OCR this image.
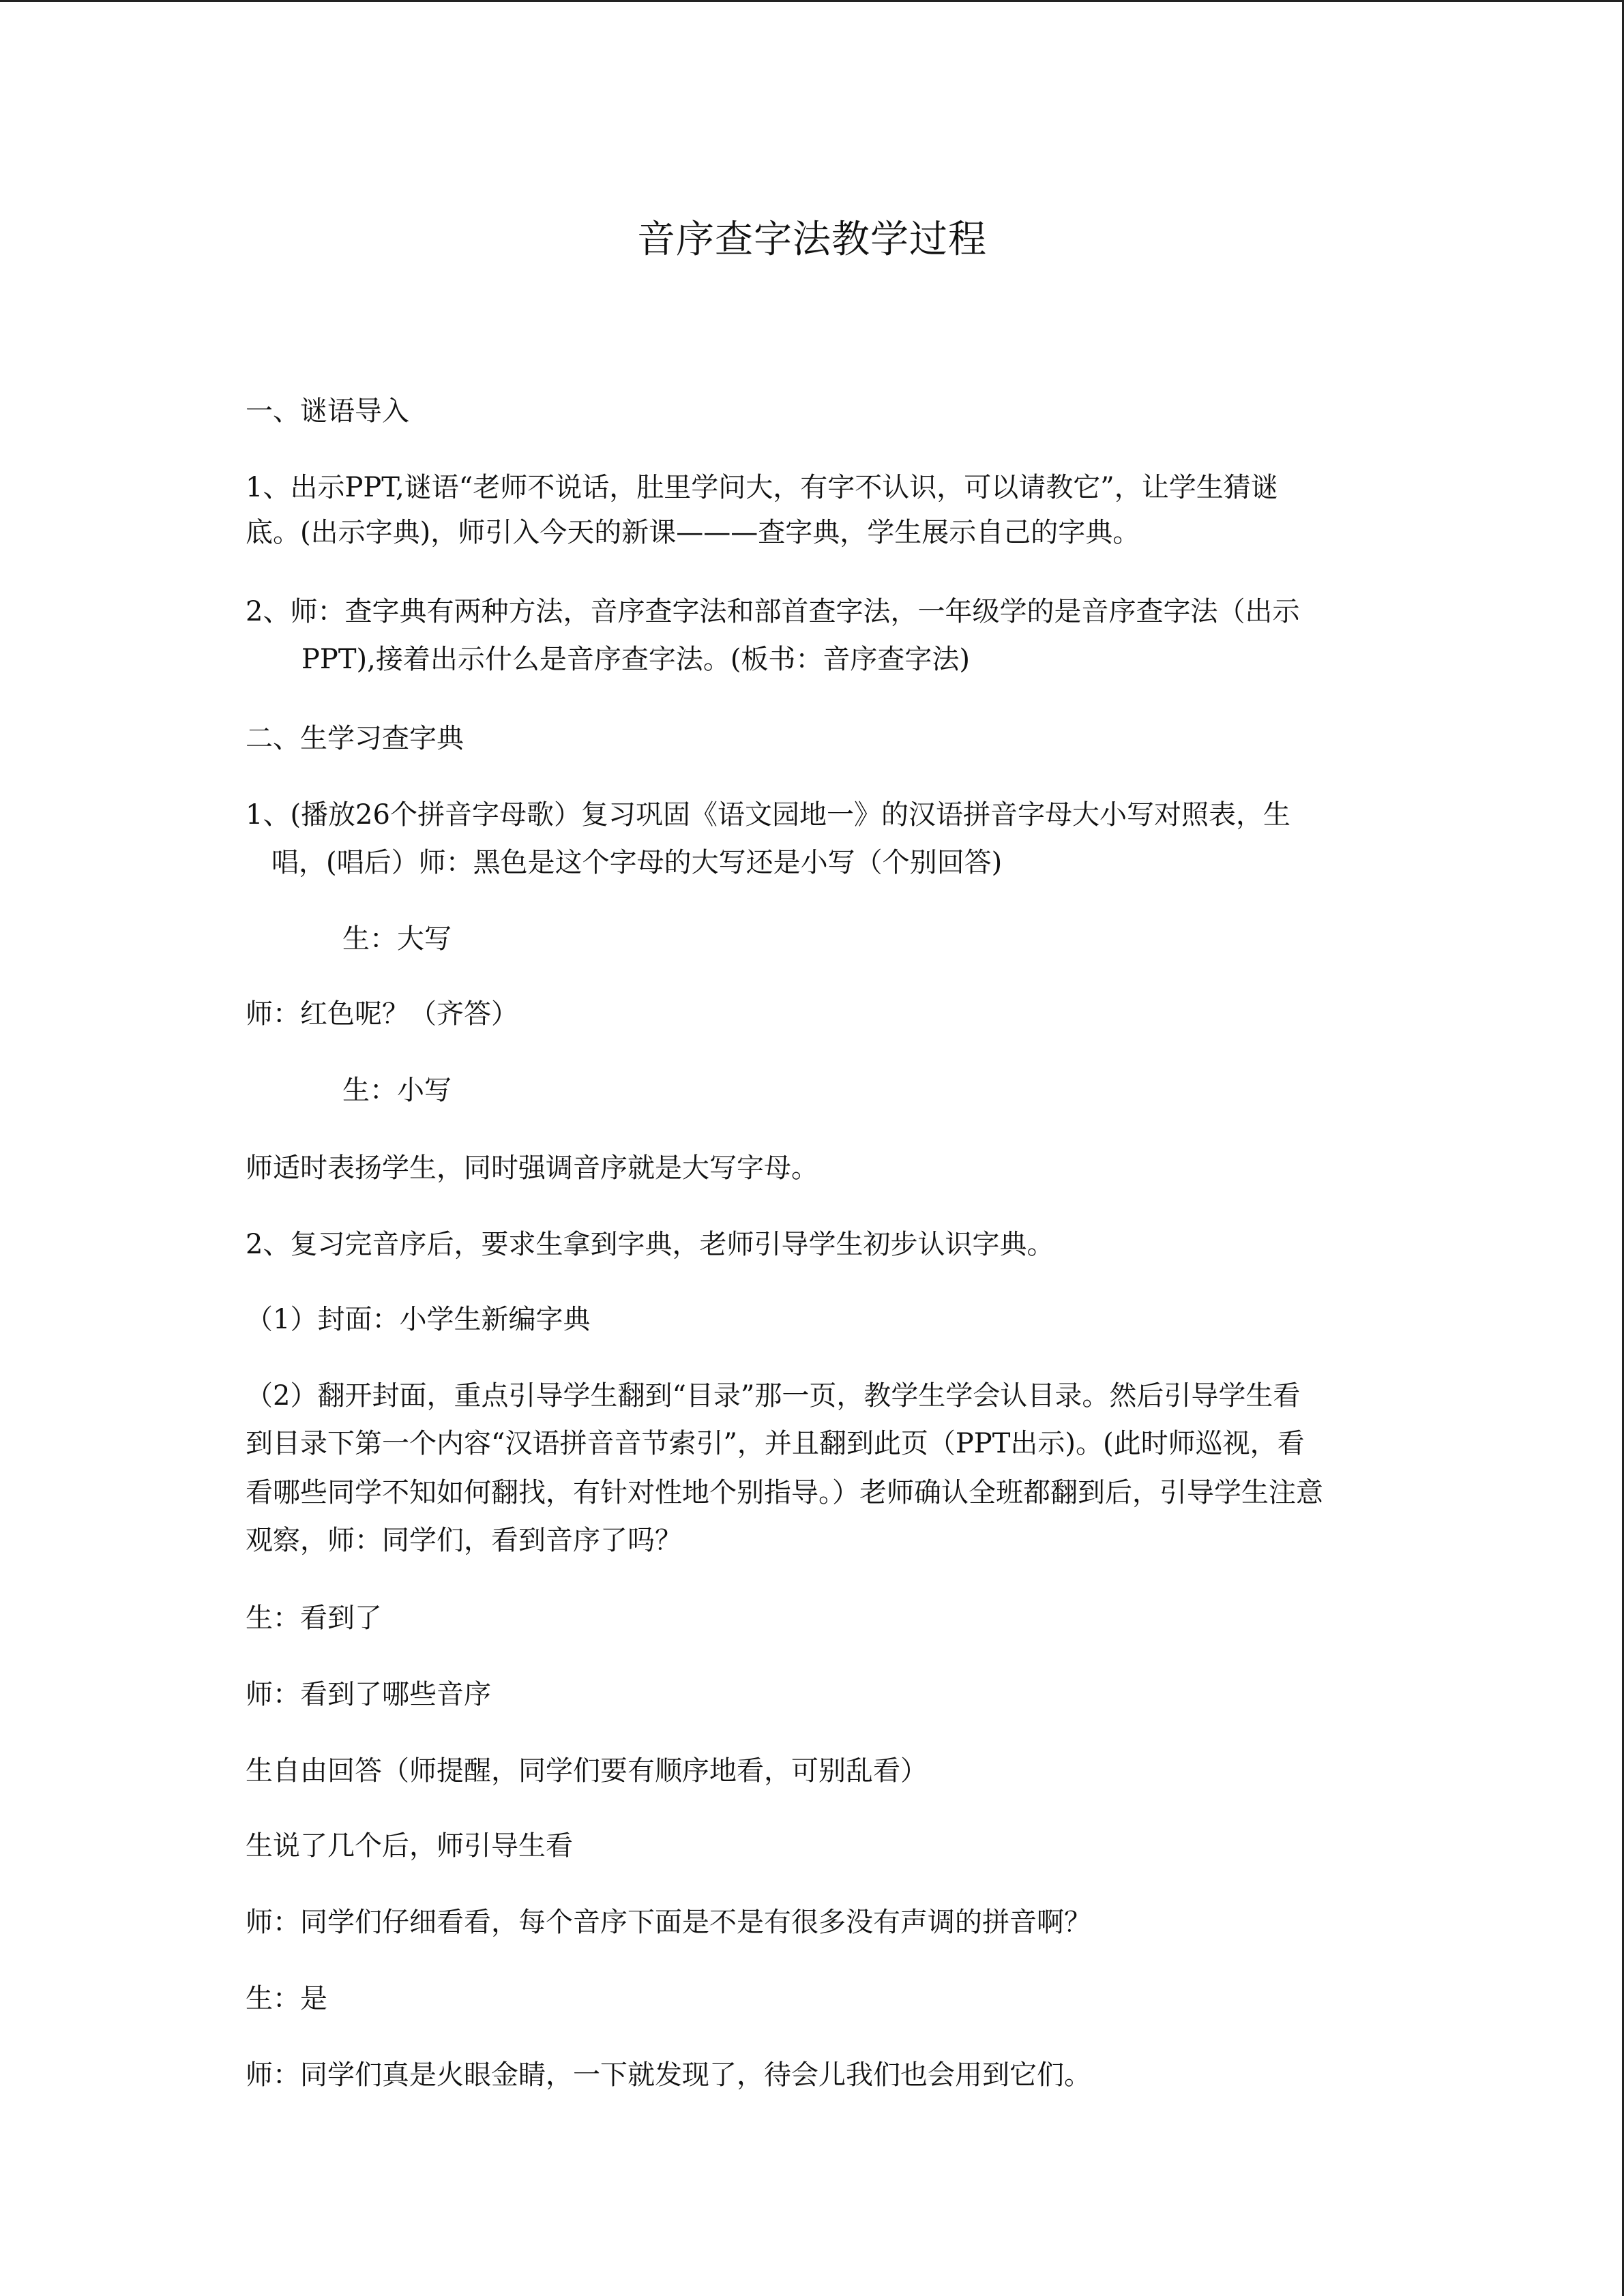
音序查字法教学过程
一、谜语导入
1、出示PPT,谜语“老师不说话，肚里学问大，有字不认识，可以请教它”，让学生猜谜
底。(出示字典)，师引入今天的新课———查字典，学生展示自己的字典。
2、师：查字典有两种方法，音序查字法和部首查字法，一年级学的是音序查字法（出示
PPT),接着出示什么是音序查字法。(板书：音序查字法)
二、生学习查字典
1、(播放26个拼音字母歌）复习巩固《语文园地一》的汉语拼音字母大小写对照表，生
唱，(唱后）师：黑色是这个字母的大写还是小写（个别回答)
生：大写
师：红色呢？（齐答）
生：小写
师适时表扬学生，同时强调音序就是大写字母。
2、复习完音序后，要求生拿到字典，老师引导学生初步认识字典。
（1）封面：小学生新编字典
（2）翻开封面，重点引导学生翻到“目录”那一页，教学生学会认目录。然后引导学生看
到目录下第一个内容“汉语拼音音节索引”，并且翻到此页（PPT出示)。(此时师巡视，看
看哪些同学不知如何翻找，有针对性地个别指导。）老师确认全班都翻到后，引导学生注意
观察，师：同学们，看到音序了吗？
生：看到了
师：看到了哪些音序
生自由回答（师提醒，同学们要有顺序地看，可别乱看）
生说了几个后，师引导生看
师：同学们仔细看看，每个音序下面是不是有很多没有声调的拼音啊？
生：是
师：同学们真是火眼金睛，一下就发现了，待会儿我们也会用到它们。
